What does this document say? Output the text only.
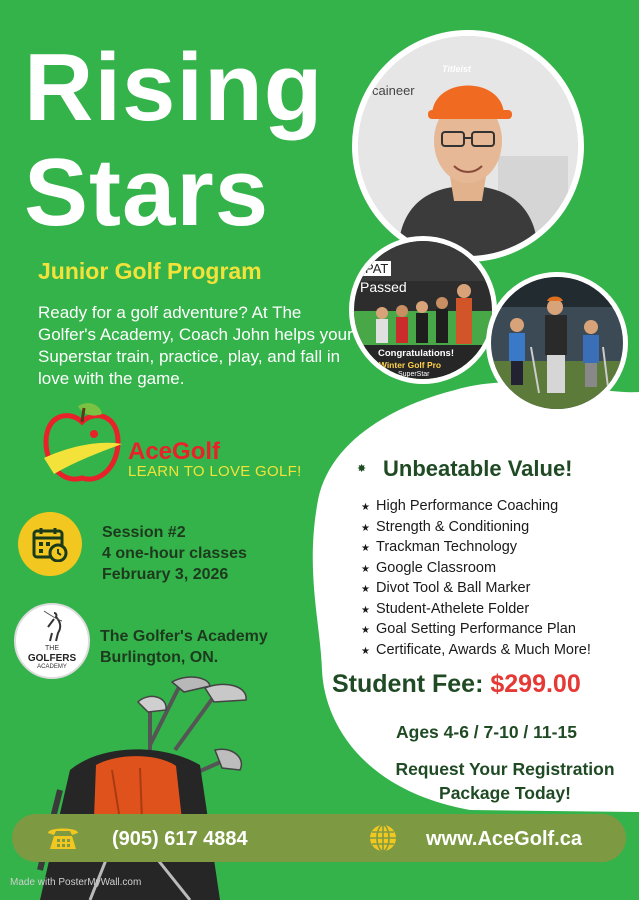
Rising
Stars
Junior Golf Program
Ready for a golf adventure? At The Golfer's Academy, Coach John helps your Superstar train, practice, play, and fall in love with the game.
AceGolf
LEARN TO LOVE GOLF!
Session #2
4 one-hour classes
February 3, 2026
THE
GOLFERS
ACADEMY
The Golfer's Academy
Burlington, ON.
Titleist
caineer
PAT
Passed
Congratulations!
er-Winter Golf Pro
SuperStar
✸ Unbeatable Value!
★ High Performance Coaching
★ Strength & Conditioning
★ Trackman Technology
★ Google Classroom
★ Divot Tool & Ball Marker
★ Student-Athelete Folder
★ Goal Setting Performance Plan
★ Certificate, Awards & Much More!
Student Fee: $299.00
Ages 4-6 / 7-10 / 11-15
Request Your Registration
Package Today!
(905) 617 4884	www.AceGolf.ca
Made with PosterMyWall.com
